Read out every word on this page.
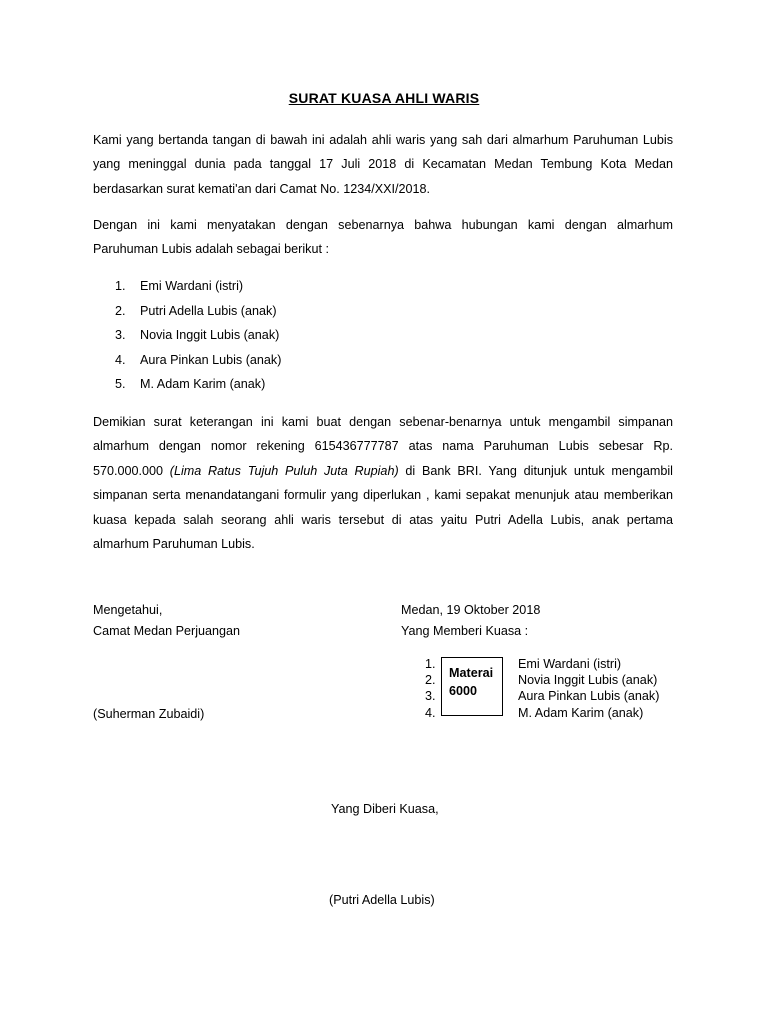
SURAT KUASA AHLI WARIS

Kami yang bertanda tangan di bawah ini adalah ahli waris yang sah dari almarhum Paruhuman Lubis yang meninggal dunia pada tanggal 17 Juli 2018 di Kecamatan Medan Tembung Kota Medan berdasarkan surat kemati'an dari Camat No. 1234/XXI/2018.

Dengan ini kami menyatakan dengan sebenarnya bahwa hubungan kami dengan almarhum Paruhuman Lubis adalah sebagai berikut :

1. Emi Wardani (istri)
2. Putri Adella Lubis (anak)
3. Novia Inggit Lubis (anak)
4. Aura Pinkan Lubis (anak)
5. M. Adam Karim (anak)

Demikian surat keterangan ini kami buat dengan sebenar-benarnya untuk mengambil simpanan almarhum dengan nomor rekening 615436777787 atas nama Paruhuman Lubis sebesar Rp. 570.000.000 (Lima Ratus Tujuh Puluh Juta Rupiah) di Bank BRI. Yang ditunjuk untuk mengambil simpanan serta menandatangani formulir yang diperlukan , kami sepakat menunjuk atau memberikan kuasa kepada salah seorang ahli waris tersebut di atas yaitu Putri Adella Lubis, anak pertama almarhum Paruhuman Lubis.

Mengetahui,
Camat Medan Perjuangan
(Suherman Zubaidi)
Medan, 19 Oktober 2018
Yang Memberi Kuasa :
1.
2.
3.
4.
Materai
6000
Emi Wardani (istri)
Novia Inggit Lubis (anak)
Aura Pinkan Lubis (anak)
M. Adam Karim (anak)
Yang Diberi Kuasa,
(Putri Adella Lubis)
